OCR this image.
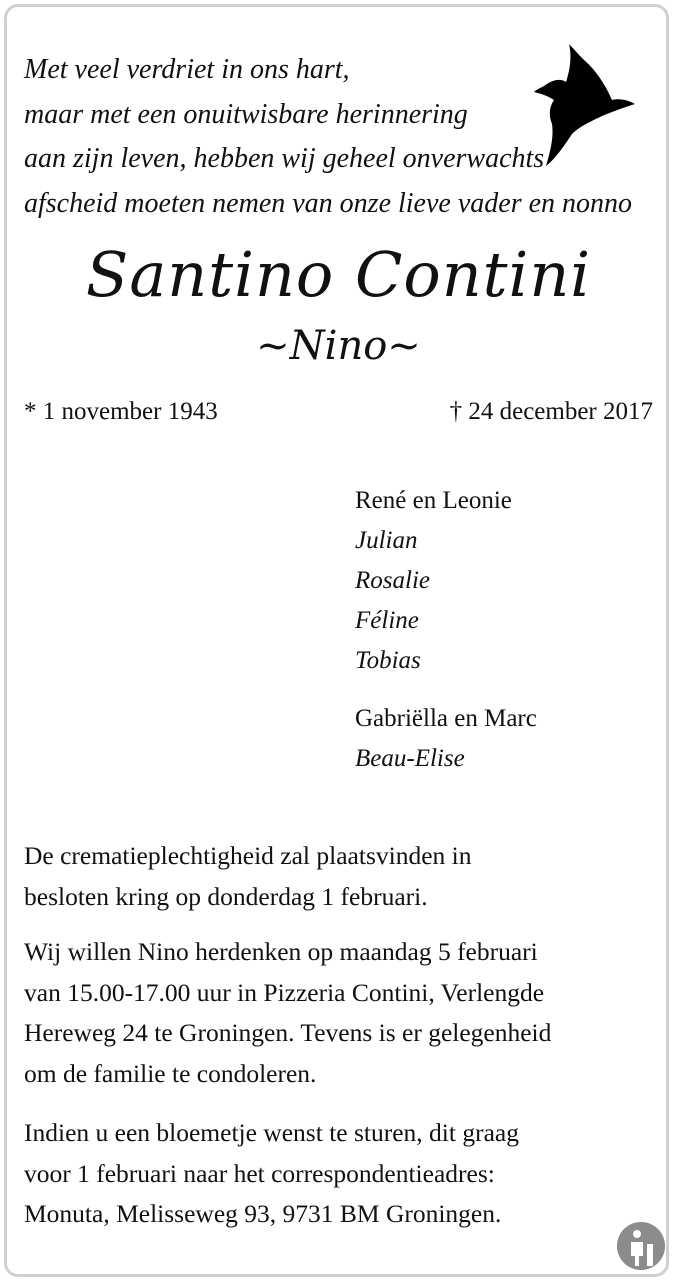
Met veel verdriet in ons hart,
maar met een onuitwisbare herinnering
aan zijn leven, hebben wij geheel onverwachts
afscheid moeten nemen van onze lieve vader en nonno
Santino Contini
~Nino~
* 1 november 1943	† 24 december 2017
René en Leonie
Julian
Rosalie
Féline
Tobias
Gabriëlla en Marc
Beau-Elise
De crematieplechtigheid zal plaatsvinden in
besloten kring op donderdag 1 februari.
Wij willen Nino herdenken op maandag 5 februari
van 15.00-17.00 uur in Pizzeria Contini, Verlengde
Hereweg 24 te Groningen. Tevens is er gelegenheid
om de familie te condoleren.
Indien u een bloemetje wenst te sturen, dit graag
voor 1 februari naar het correspondentieadres:
Monuta, Melisseweg 93, 9731 BM Groningen.
